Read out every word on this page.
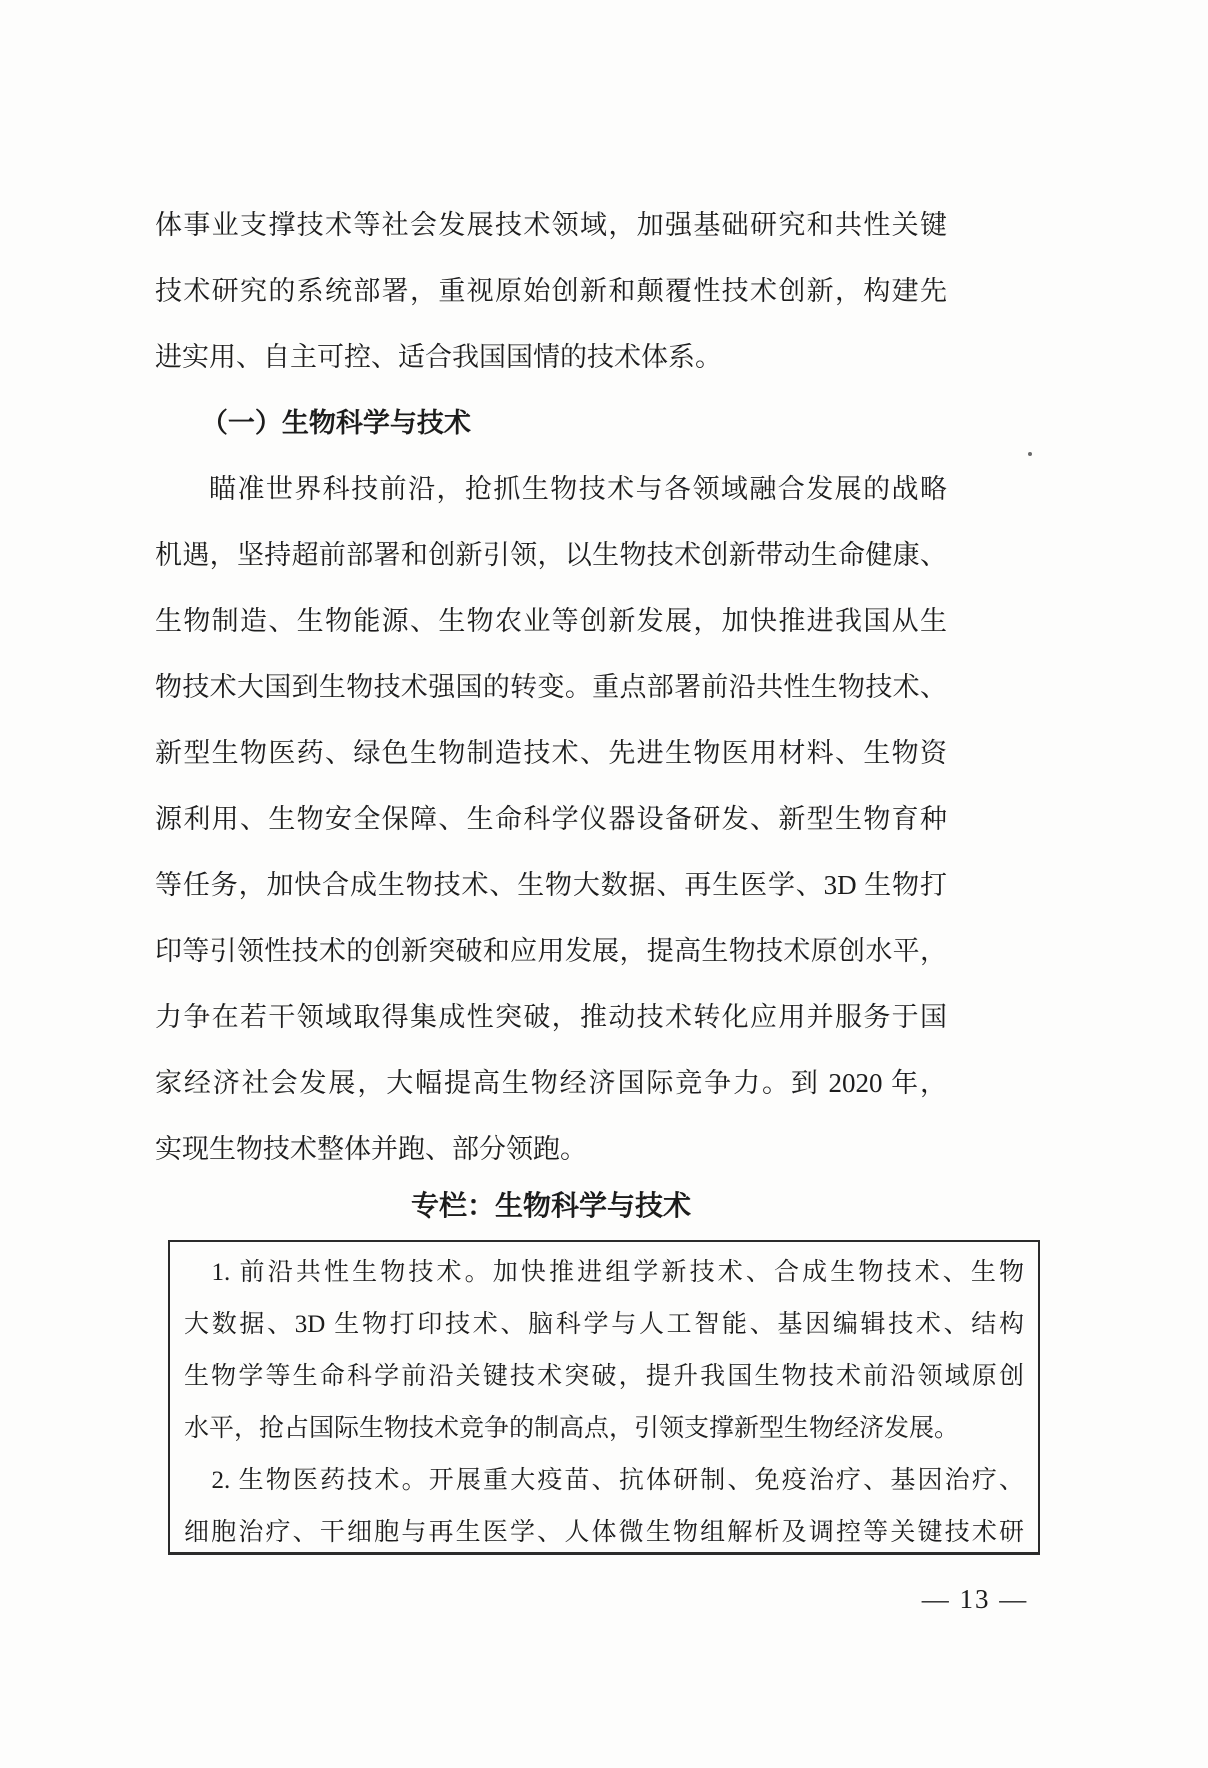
体事业支撑技术等社会发展技术领域，加强基础研究和共性关键
技术研究的系统部署，重视原始创新和颠覆性技术创新，构建先
进实用、自主可控、适合我国国情的技术体系。
（一）生物科学与技术
瞄准世界科技前沿，抢抓生物技术与各领域融合发展的战略
机遇，坚持超前部署和创新引领，以生物技术创新带动生命健康、
生物制造、生物能源、生物农业等创新发展，加快推进我国从生
物技术大国到生物技术强国的转变。重点部署前沿共性生物技术、
新型生物医药、绿色生物制造技术、先进生物医用材料、生物资
源利用、生物安全保障、生命科学仪器设备研发、新型生物育种
等任务，加快合成生物技术、生物大数据、再生医学、3D 生物打
印等引领性技术的创新突破和应用发展，提高生物技术原创水平，
力争在若干领域取得集成性突破，推动技术转化应用并服务于国
家经济社会发展，大幅提高生物经济国际竞争力。到 2020 年，
实现生物技术整体并跑、部分领跑。
专栏：生物科学与技术
1. 前沿共性生物技术。加快推进组学新技术、合成生物技术、生物
大数据、3D 生物打印技术、脑科学与人工智能、基因编辑技术、结构
生物学等生命科学前沿关键技术突破，提升我国生物技术前沿领域原创
水平，抢占国际生物技术竞争的制高点，引领支撑新型生物经济发展。
2. 生物医药技术。开展重大疫苗、抗体研制、免疫治疗、基因治疗、
细胞治疗、干细胞与再生医学、人体微生物组解析及调控等关键技术研
— 13 —
